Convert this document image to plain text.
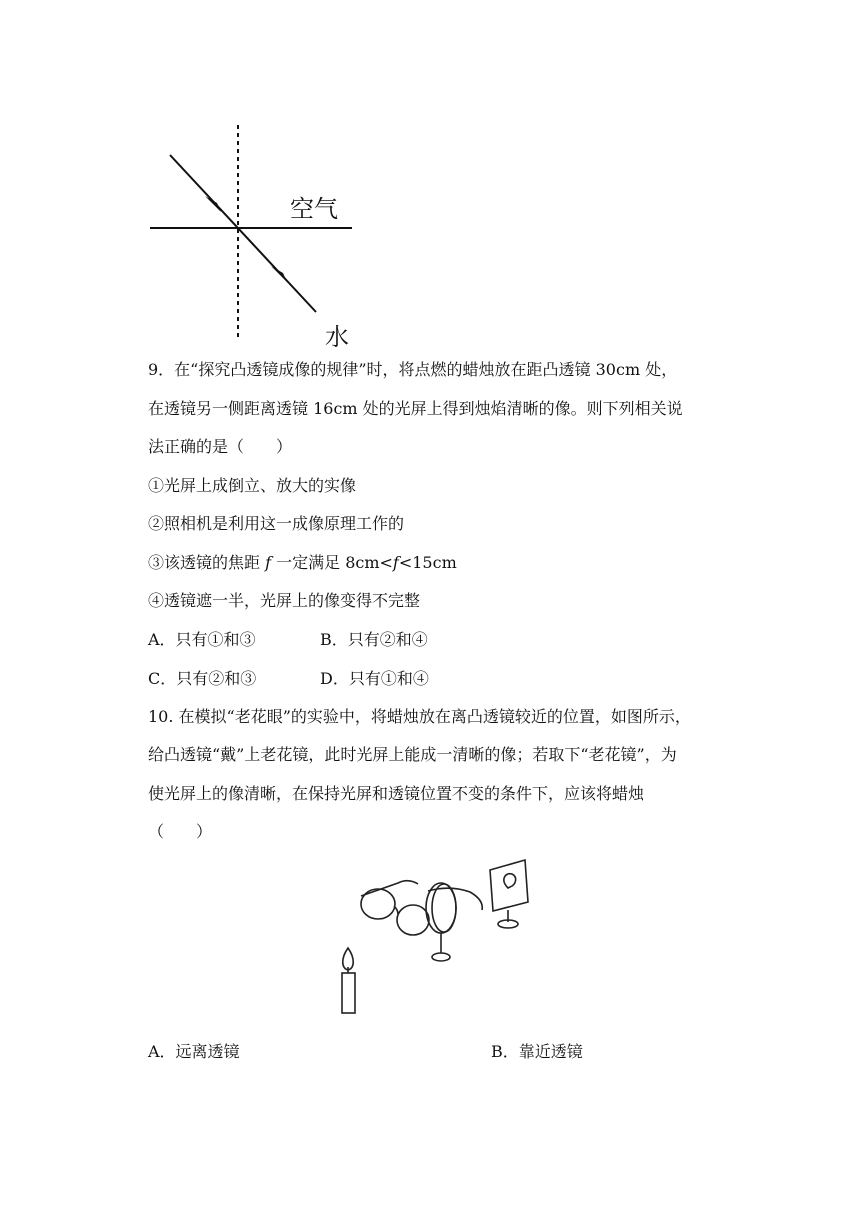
空气
水
9．在“探究凸透镜成像的规律”时，将点燃的蜡烛放在距凸透镜 30cm 处，
在透镜另一侧距离透镜 16cm 处的光屏上得到烛焰清晰的像。则下列相关说
法正确的是（　　）
①光屏上成倒立、放大的实像
②照相机是利用这一成像原理工作的
③该透镜的焦距 f 一定满足 8cm<f<15cm
④透镜遮一半，光屏上的像变得不完整
A．只有①和③	B．只有②和④
C．只有②和③	D．只有①和④
10. 在模拟“老花眼”的实验中，将蜡烛放在离凸透镜较近的位置，如图所示，
给凸透镜“戴”上老花镜，此时光屏上能成一清晰的像；若取下“老花镜”，为
使光屏上的像清晰，在保持光屏和透镜位置不变的条件下，应该将蜡烛
（　　）
A．远离透镜	B．靠近透镜
